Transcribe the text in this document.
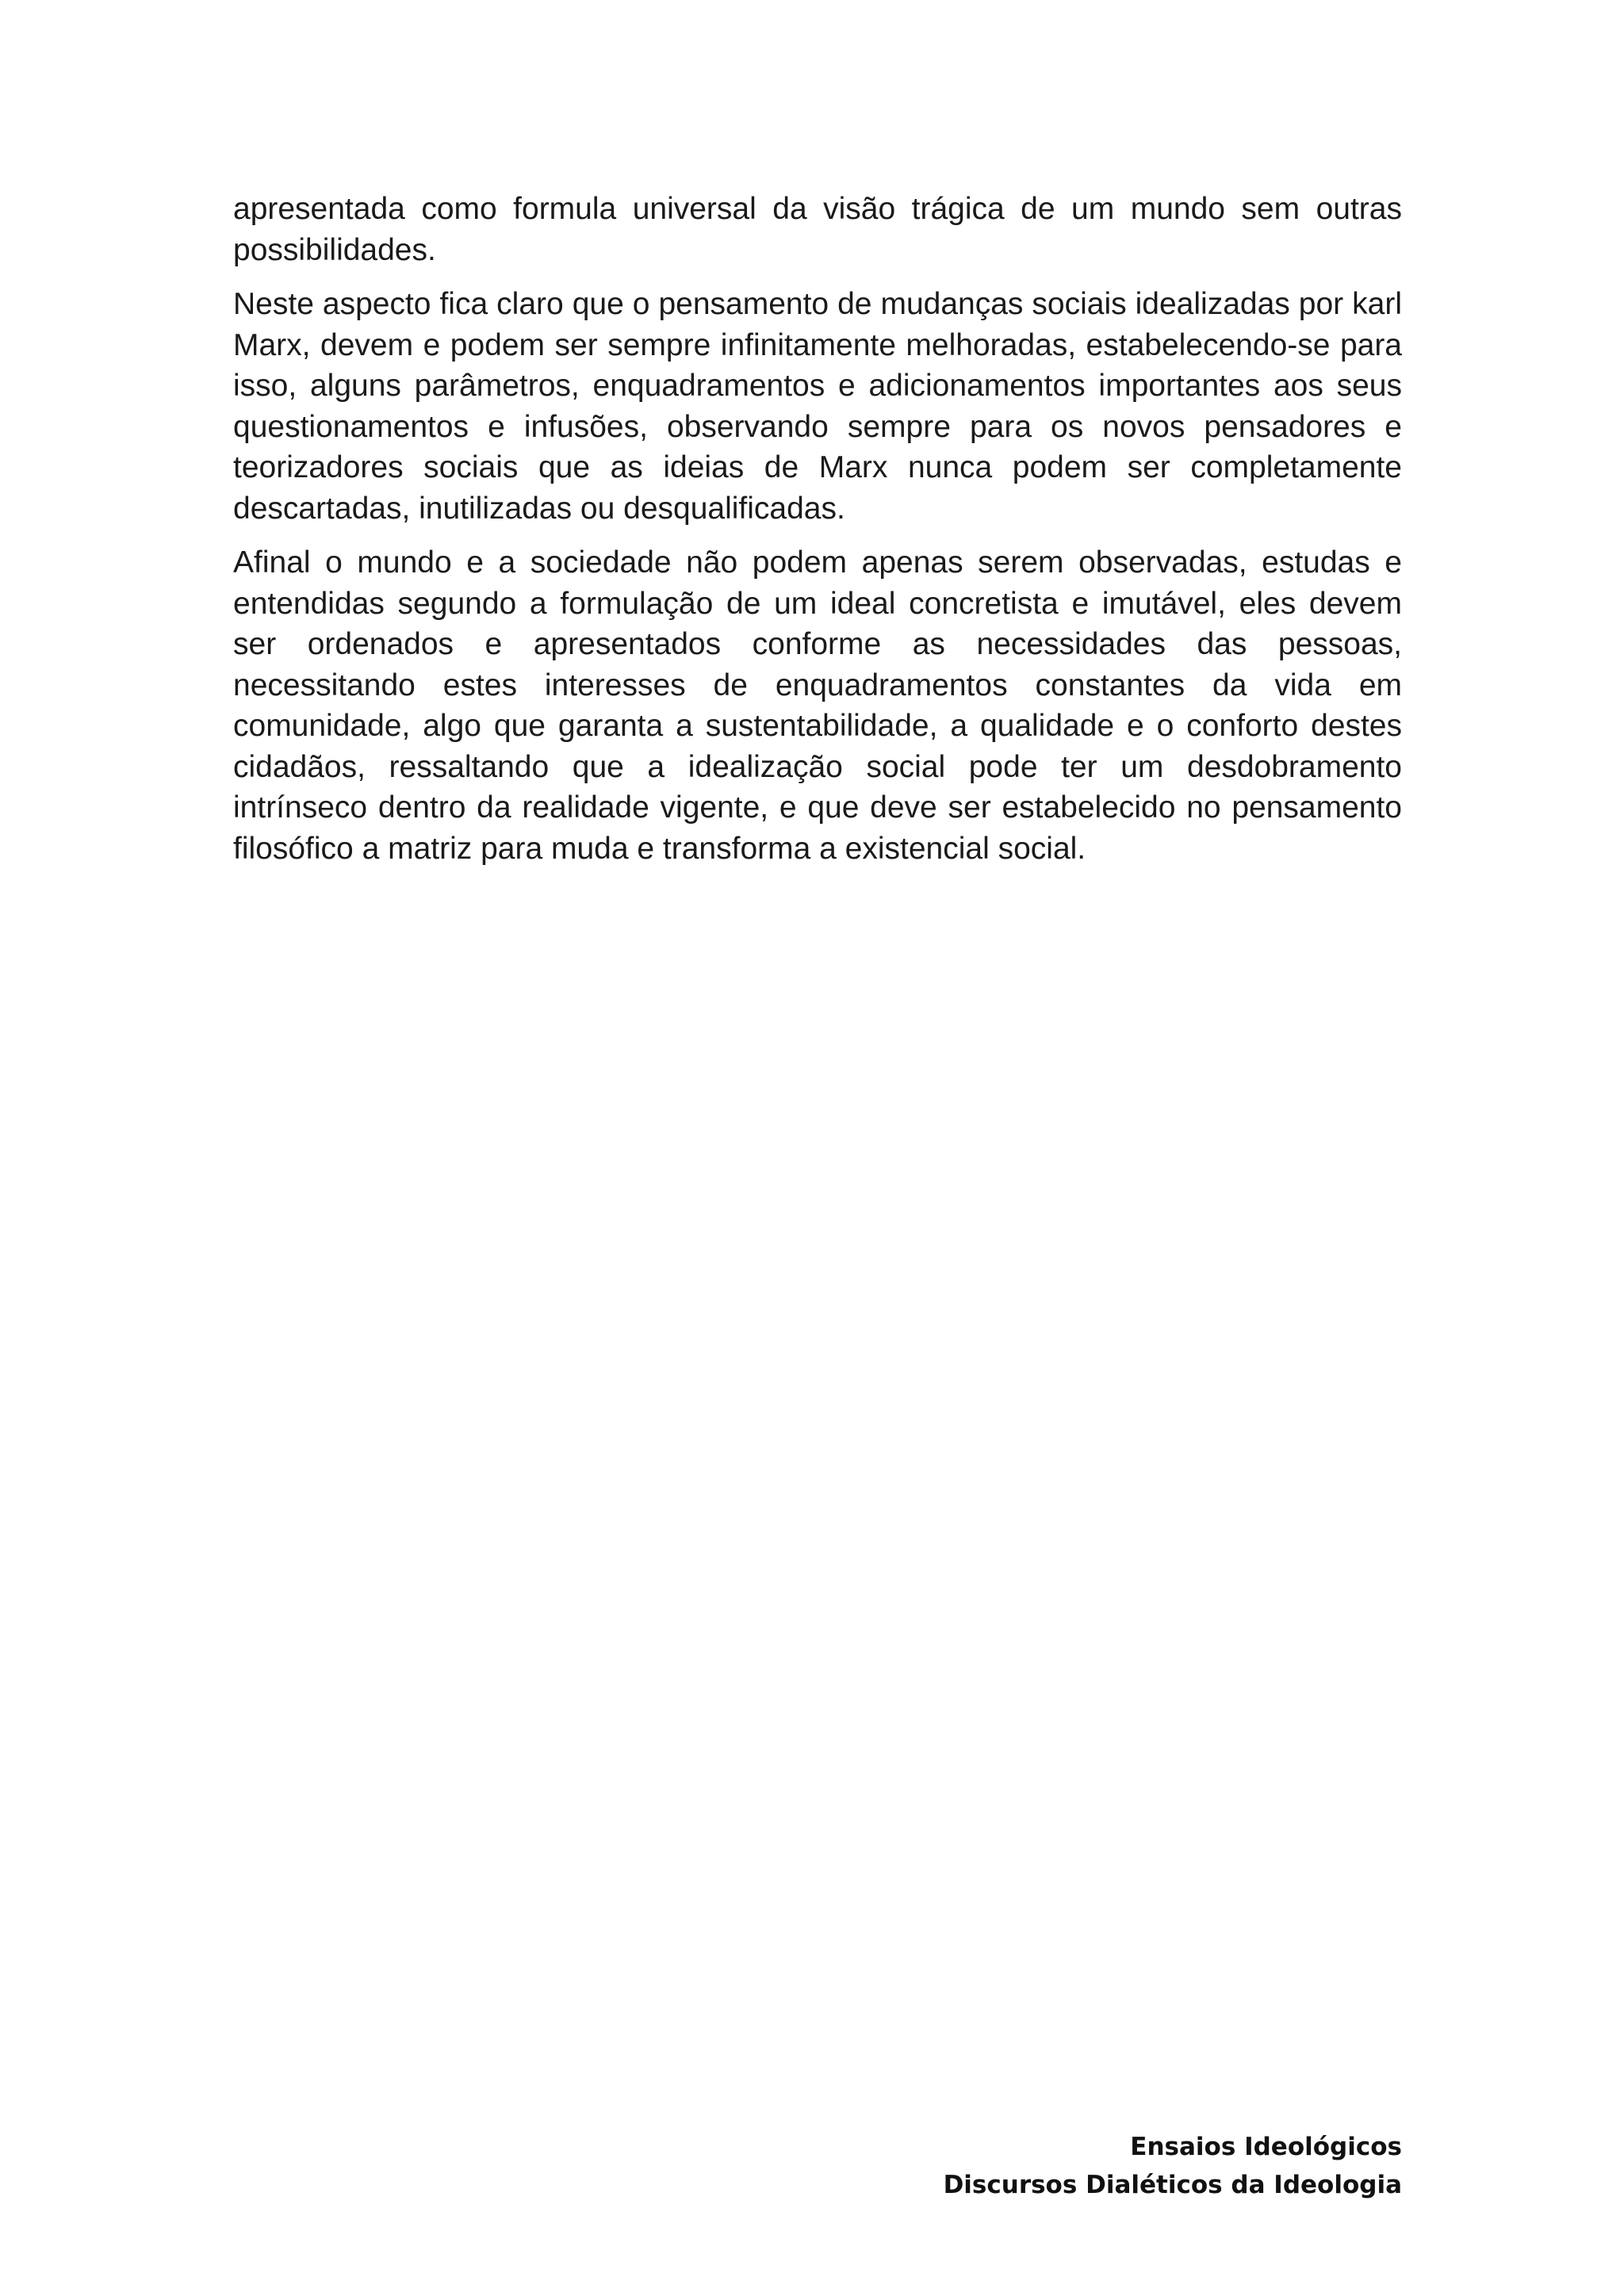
apresentada como formula universal da visão trágica de um mundo sem outras possibilidades.

Neste aspecto fica claro que o pensamento de mudanças sociais idealizadas por karl Marx, devem e podem ser sempre infinitamente melhoradas, estabelecendo-se para isso, alguns parâmetros, enquadramentos e adicionamentos importantes aos seus questionamentos e infusões, observando sempre para os novos pensadores e teorizadores sociais que as ideias de Marx nunca podem ser completamente descartadas, inutilizadas ou desqualificadas.

Afinal o mundo e a sociedade não podem apenas serem observadas, estudas e entendidas segundo a formulação de um ideal concretista e imutável, eles devem ser ordenados e apresentados conforme as necessidades das pessoas, necessitando estes interesses de enquadramentos constantes da vida em comunidade, algo que garanta a sustentabilidade, a qualidade e o conforto destes cidadãos, ressaltando que a idealização social pode ter um desdobramento intrínseco dentro da realidade vigente, e que deve ser estabelecido no pensamento filosófico a matriz para muda e transforma a existencial social.

Ensaios Ideológicos
Discursos Dialéticos da Ideologia
